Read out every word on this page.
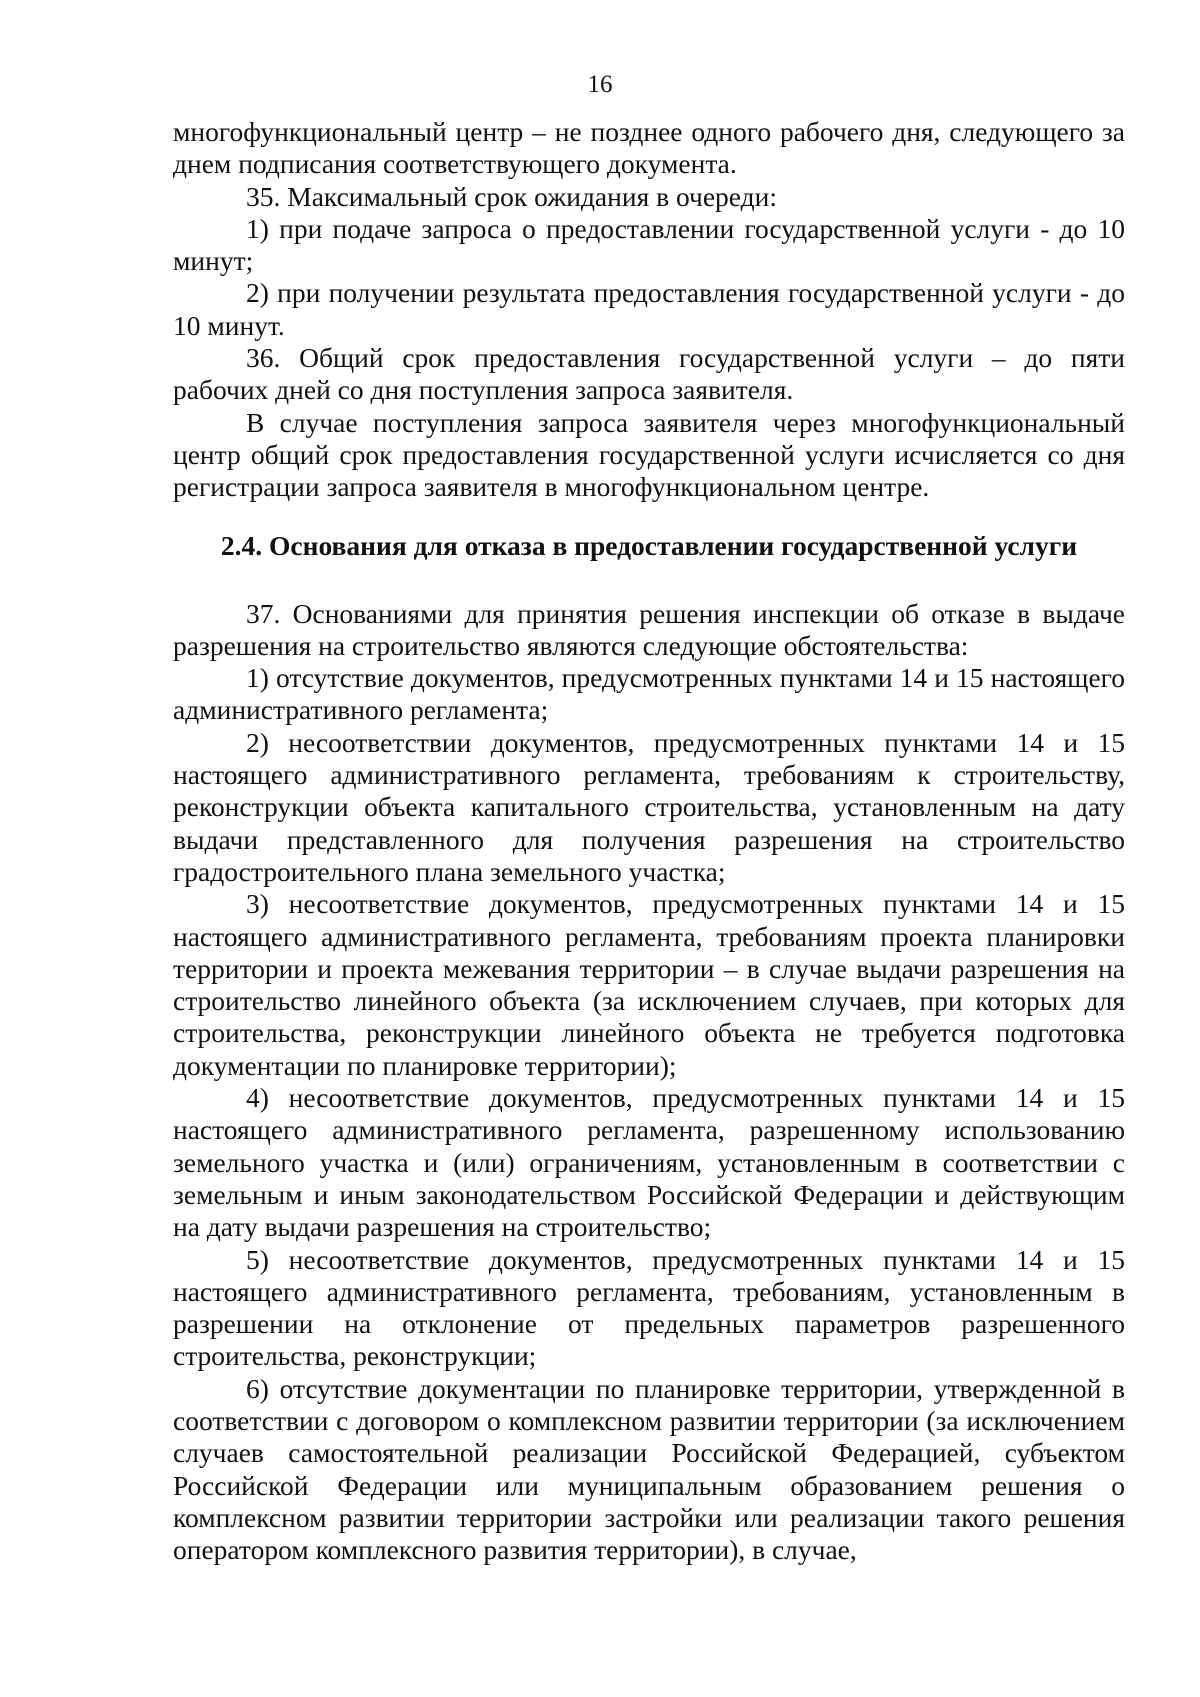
16

многофункциональный центр – не позднее одного рабочего дня, следующего за днем подписания соответствующего документа.

35. Максимальный срок ожидания в очереди:

1) при подаче запроса о предоставлении государственной услуги - до 10 минут;

2) при получении результата предоставления государственной услуги - до 10 минут.

36. Общий срок предоставления государственной услуги – до пяти рабочих дней со дня поступления запроса заявителя.

В случае поступления запроса заявителя через многофункциональный центр общий срок предоставления государственной услуги исчисляется со дня регистрации запроса заявителя в многофункциональном центре.

2.4. Основания для отказа в предоставлении государственной услуги

37. Основаниями для принятия решения инспекции об отказе в выдаче разрешения на строительство являются следующие обстоятельства:

1) отсутствие документов, предусмотренных пунктами 14 и 15 настоящего административного регламента;

2) несоответствии документов, предусмотренных пунктами 14 и 15 настоящего административного регламента, требованиям к строительству, реконструкции объекта капитального строительства, установленным на дату выдачи представленного для получения разрешения на строительство градостроительного плана земельного участка;

3) несоответствие документов, предусмотренных пунктами 14 и 15 настоящего административного регламента, требованиям проекта планировки территории и проекта межевания территории – в случае выдачи разрешения на строительство линейного объекта (за исключением случаев, при которых для строительства, реконструкции линейного объекта не требуется подготовка документации по планировке территории);

4) несоответствие документов, предусмотренных пунктами 14 и 15 настоящего административного регламента, разрешенному использованию земельного участка и (или) ограничениям, установленным в соответствии с земельным и иным законодательством Российской Федерации и действующим на дату выдачи разрешения на строительство;

5) несоответствие документов, предусмотренных пунктами 14 и 15 настоящего административного регламента, требованиям, установленным в разрешении на отклонение от предельных параметров разрешенного строительства, реконструкции;

6) отсутствие документации по планировке территории, утвержденной в соответствии с договором о комплексном развитии территории (за исключением случаев самостоятельной реализации Российской Федерацией, субъектом Российской Федерации или муниципальным образованием решения о комплексном развитии территории застройки или реализации такого решения оператором комплексного развития территории), в случае,
